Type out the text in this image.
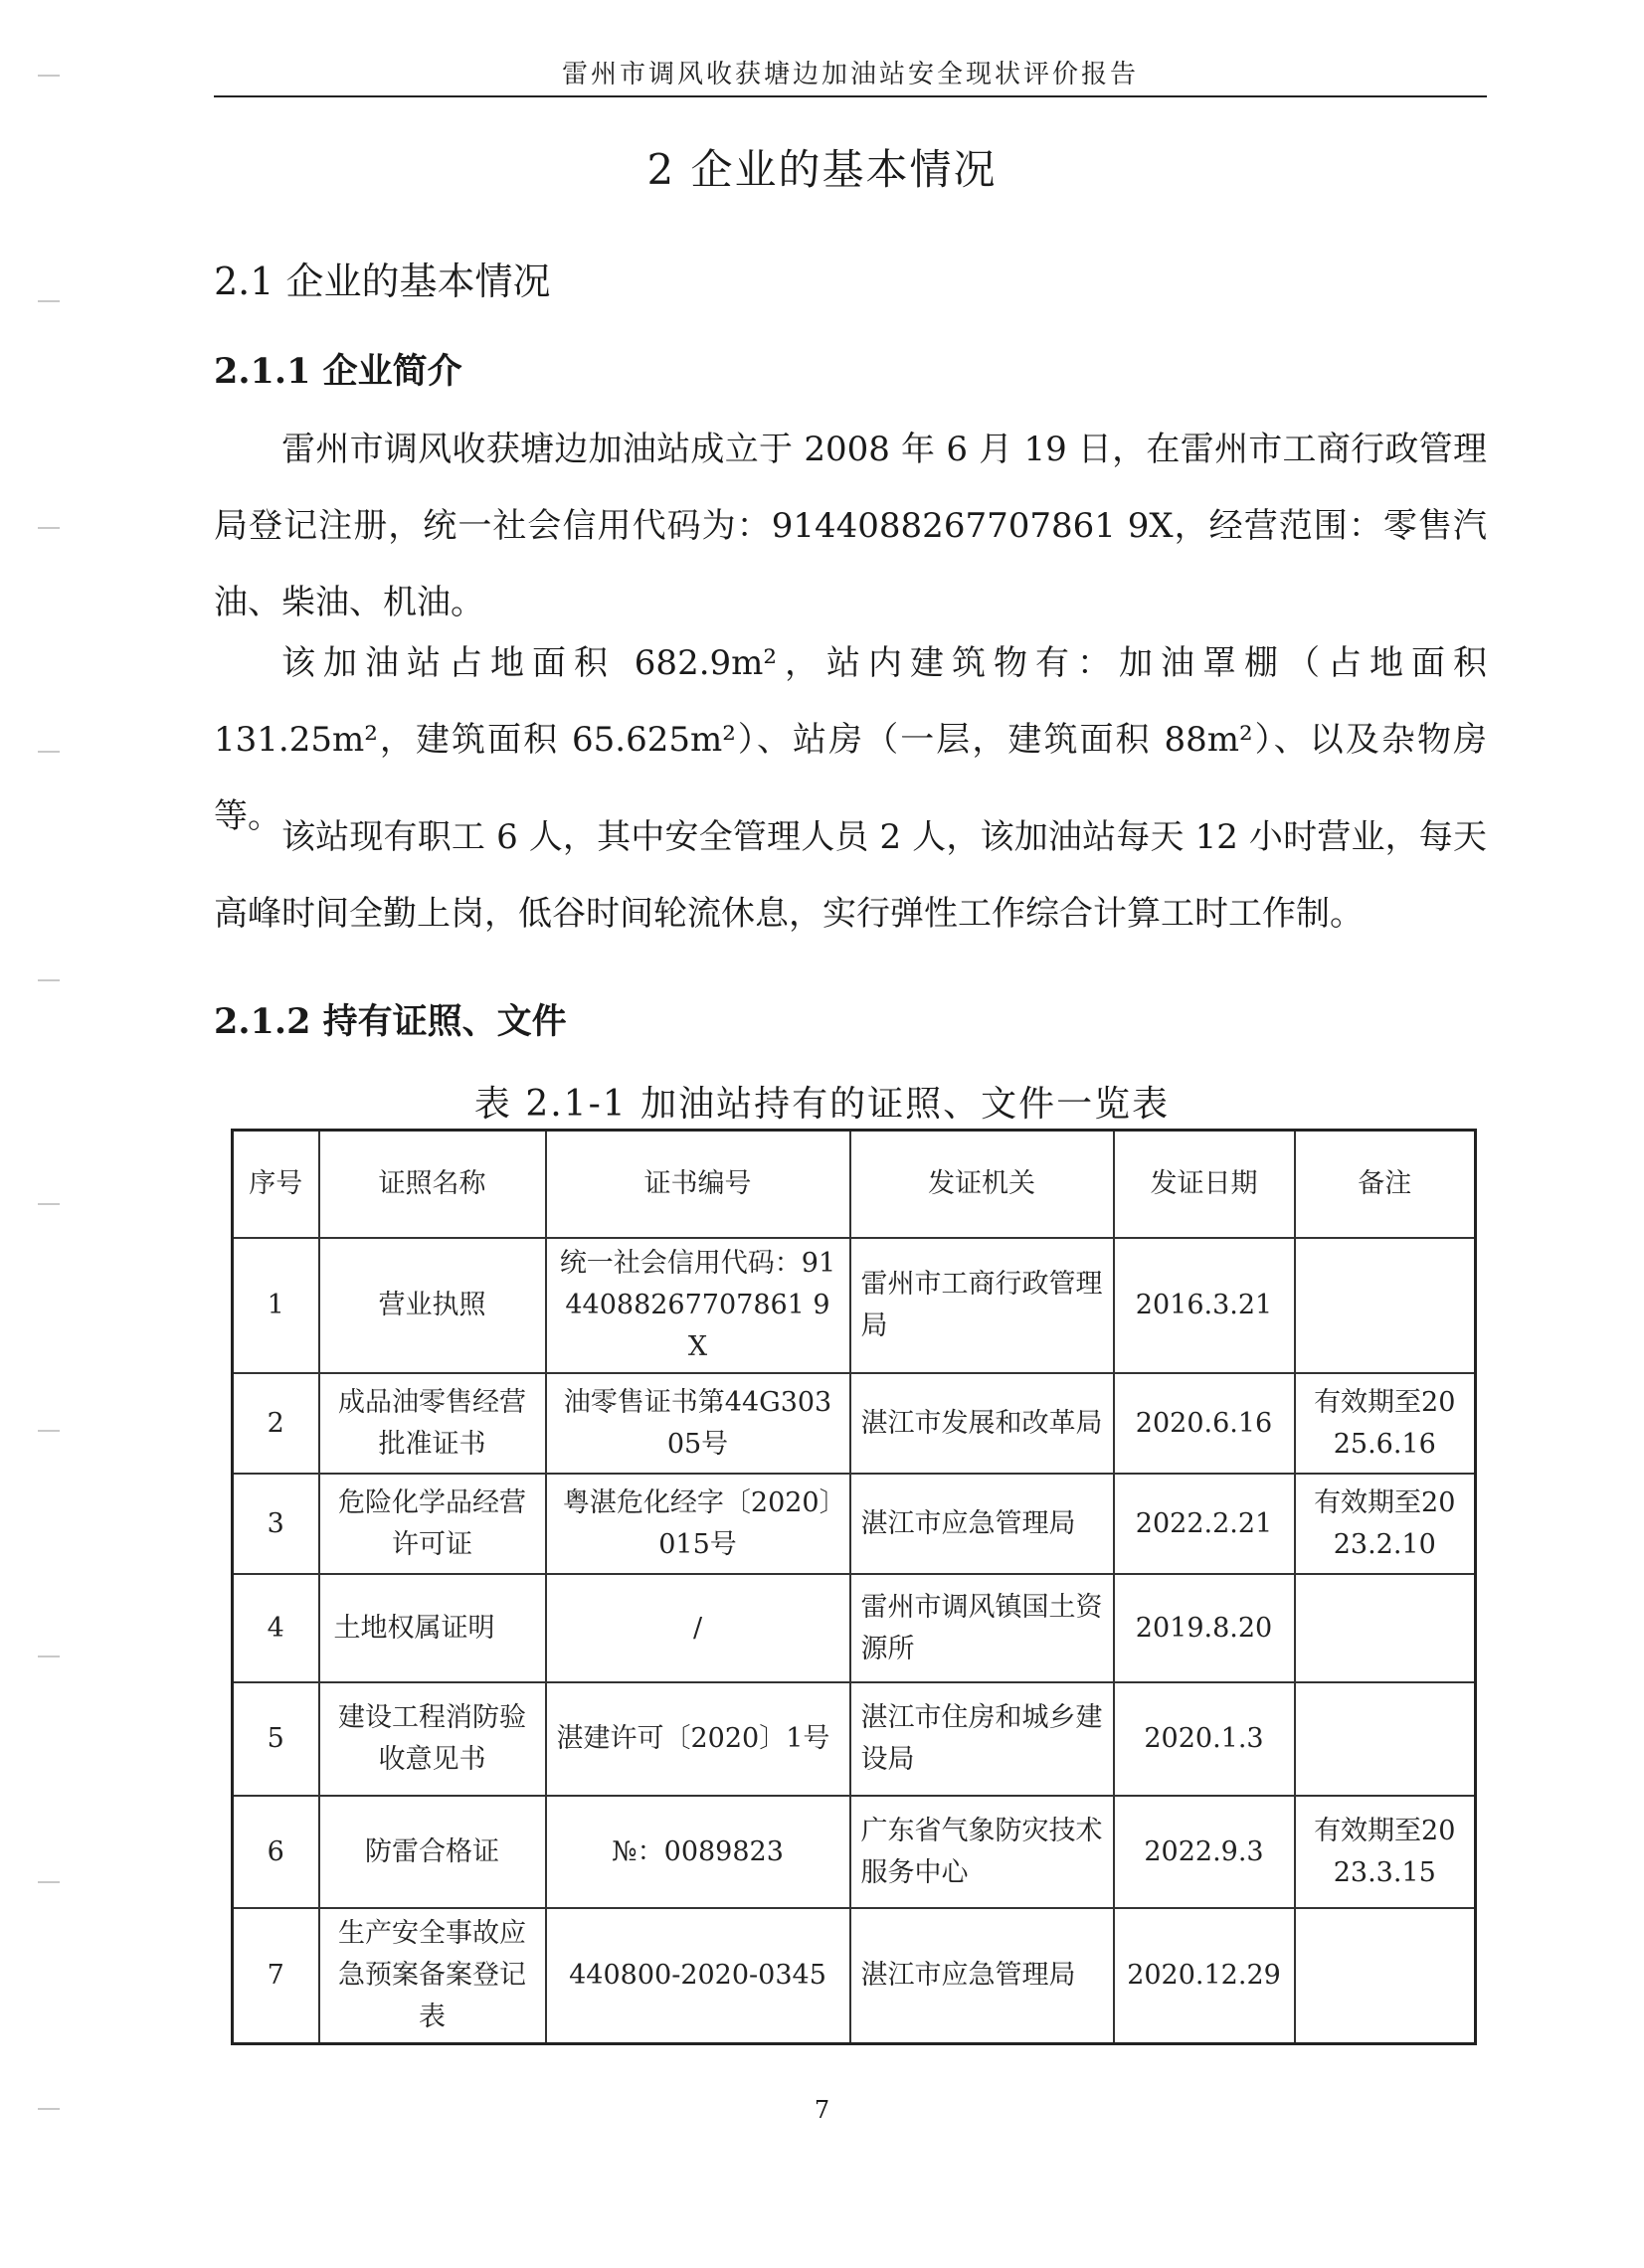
雷州市调风收获塘边加油站安全现状评价报告
2 企业的基本情况
2.1 企业的基本情况
2.1.1 企业简介

雷州市调风收获塘边加油站成立于 2008 年 6 月 19 日，在雷州市工商行政管理局登记注册，统一社会信用代码为：9144088267707861 9X，经营范围：零售汽油、柴油、机油。

该加油站占地面积 682.9m²，站内建筑物有：加油罩棚（占地面积 131.25m²，建筑面积 65.625m²）、站房（一层，建筑面积 88m²）、以及杂物房等。

该站现有职工 6 人，其中安全管理人员 2 人，该加油站每天 12 小时营业，每天高峰时间全勤上岗，低谷时间轮流休息，实行弹性工作综合计算工时工作制。

2.1.2 持有证照、文件
表 2.1-1 加油站持有的证照、文件一览表
序号	证照名称	证书编号	发证机关	发证日期	备注
1	营业执照	统一社会信用代码：9144088267707861 9X	雷州市工商行政管理局	2016.3.21	
2	成品油零售经营批准证书	油零售证书第44G30305号	湛江市发展和改革局	2020.6.16	有效期至2025.6.16
3	危险化学品经营许可证	粤湛危化经字〔2020〕015号	湛江市应急管理局	2022.2.21	有效期至2023.2.10
4	土地权属证明	/	雷州市调风镇国土资源所	2019.8.20	
5	建设工程消防验收意见书	湛建许可〔2020〕1号	湛江市住房和城乡建设局	2020.1.3	
6	防雷合格证	№：0089823	广东省气象防灾技术服务中心	2022.9.3	有效期至2023.3.15
7	生产安全事故应急预案备案登记表	440800-2020-0345	湛江市应急管理局	2020.12.29	
7
